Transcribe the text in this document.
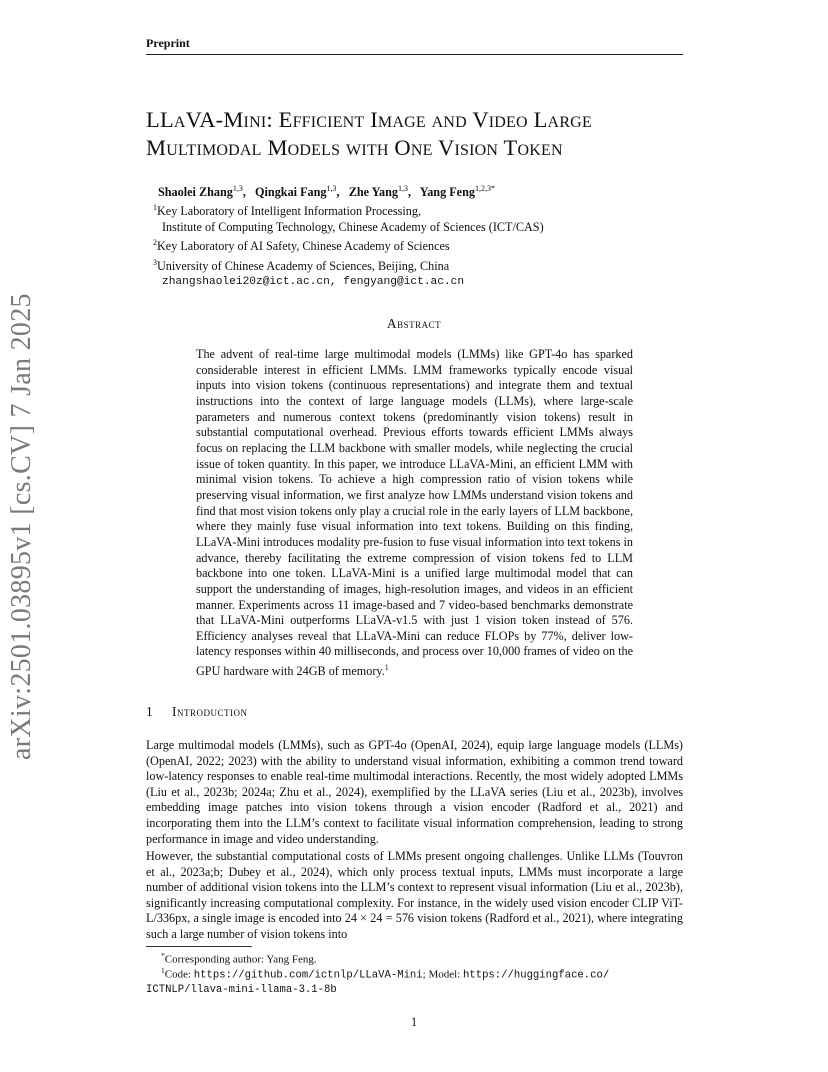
Preprint
arXiv:2501.03895v1 [cs.CV] 7 Jan 2025
LLaVA-Mini: Efficient Image and Video Large
Multimodal Models with One Vision Token
Shaolei Zhang$^{1,3}$,   Qingkai Fang$^{1,3}$,   Zhe Yang$^{1,3}$,   Yang Feng$^{1,2,3*}$
$^1$Key Laboratory of Intelligent Information Processing,
Institute of Computing Technology, Chinese Academy of Sciences (ICT/CAS)
$^2$Key Laboratory of AI Safety, Chinese Academy of Sciences
$^3$University of Chinese Academy of Sciences, Beijing, China
zhangshaolei20z@ict.ac.cn, fengyang@ict.ac.cn
Abstract
The advent of real-time large multimodal models (LMMs) like GPT-4o has sparked considerable interest in efficient LMMs. LMM frameworks typically encode visual inputs into vision tokens (continuous representations) and integrate them and textual instructions into the context of large language models (LLMs), where large-scale parameters and numerous context tokens (predominantly vision tokens) result in substantial computational overhead. Previous efforts towards efficient LMMs always focus on replacing the LLM backbone with smaller models, while neglecting the crucial issue of token quantity. In this paper, we introduce LLaVA-Mini, an efficient LMM with minimal vision tokens. To achieve a high compression ratio of vision tokens while preserving visual information, we first analyze how LMMs understand vision tokens and find that most vision tokens only play a crucial role in the early layers of LLM backbone, where they mainly fuse visual information into text tokens. Building on this finding, LLaVA-Mini introduces modality pre-fusion to fuse visual information into text tokens in advance, thereby facilitating the extreme compression of vision tokens fed to LLM backbone into one token. LLaVA-Mini is a unified large multimodal model that can support the understanding of images, high-resolution images, and videos in an efficient manner. Experiments across 11 image-based and 7 video-based benchmarks demonstrate that LLaVA-Mini outperforms LLaVA-v1.5 with just 1 vision token instead of 576. Efficiency analyses reveal that LLaVA-Mini can reduce FLOPs by 77%, deliver low-latency responses within 40 milliseconds, and process over 10,000 frames of video on the GPU hardware with 24GB of memory.$^1$
1 Introduction
Large multimodal models (LMMs), such as GPT-4o (OpenAI, 2024), equip large language models (LLMs) (OpenAI, 2022; 2023) with the ability to understand visual information, exhibiting a common trend toward low-latency responses to enable real-time multimodal interactions. Recently, the most widely adopted LMMs (Liu et al., 2023b; 2024a; Zhu et al., 2024), exemplified by the LLaVA series (Liu et al., 2023b), involves embedding image patches into vision tokens through a vision encoder (Radford et al., 2021) and incorporating them into the LLM’s context to facilitate visual information comprehension, leading to strong performance in image and video understanding.
However, the substantial computational costs of LMMs present ongoing challenges. Unlike LLMs (Touvron et al., 2023a;b; Dubey et al., 2024), which only process textual inputs, LMMs must incorporate a large number of additional vision tokens into the LLM’s context to represent visual information (Liu et al., 2023b), significantly increasing computational complexity. For instance, in the widely used vision encoder CLIP ViT-L/336px, a single image is encoded into 24 × 24 = 576 vision tokens (Radford et al., 2021), where integrating such a large number of vision tokens into
*Corresponding author: Yang Feng.
$^1$Code: https://github.com/ictnlp/LLaVA-Mini; Model: https://huggingface.co/
ICTNLP/llava-mini-llama-3.1-8b
1
